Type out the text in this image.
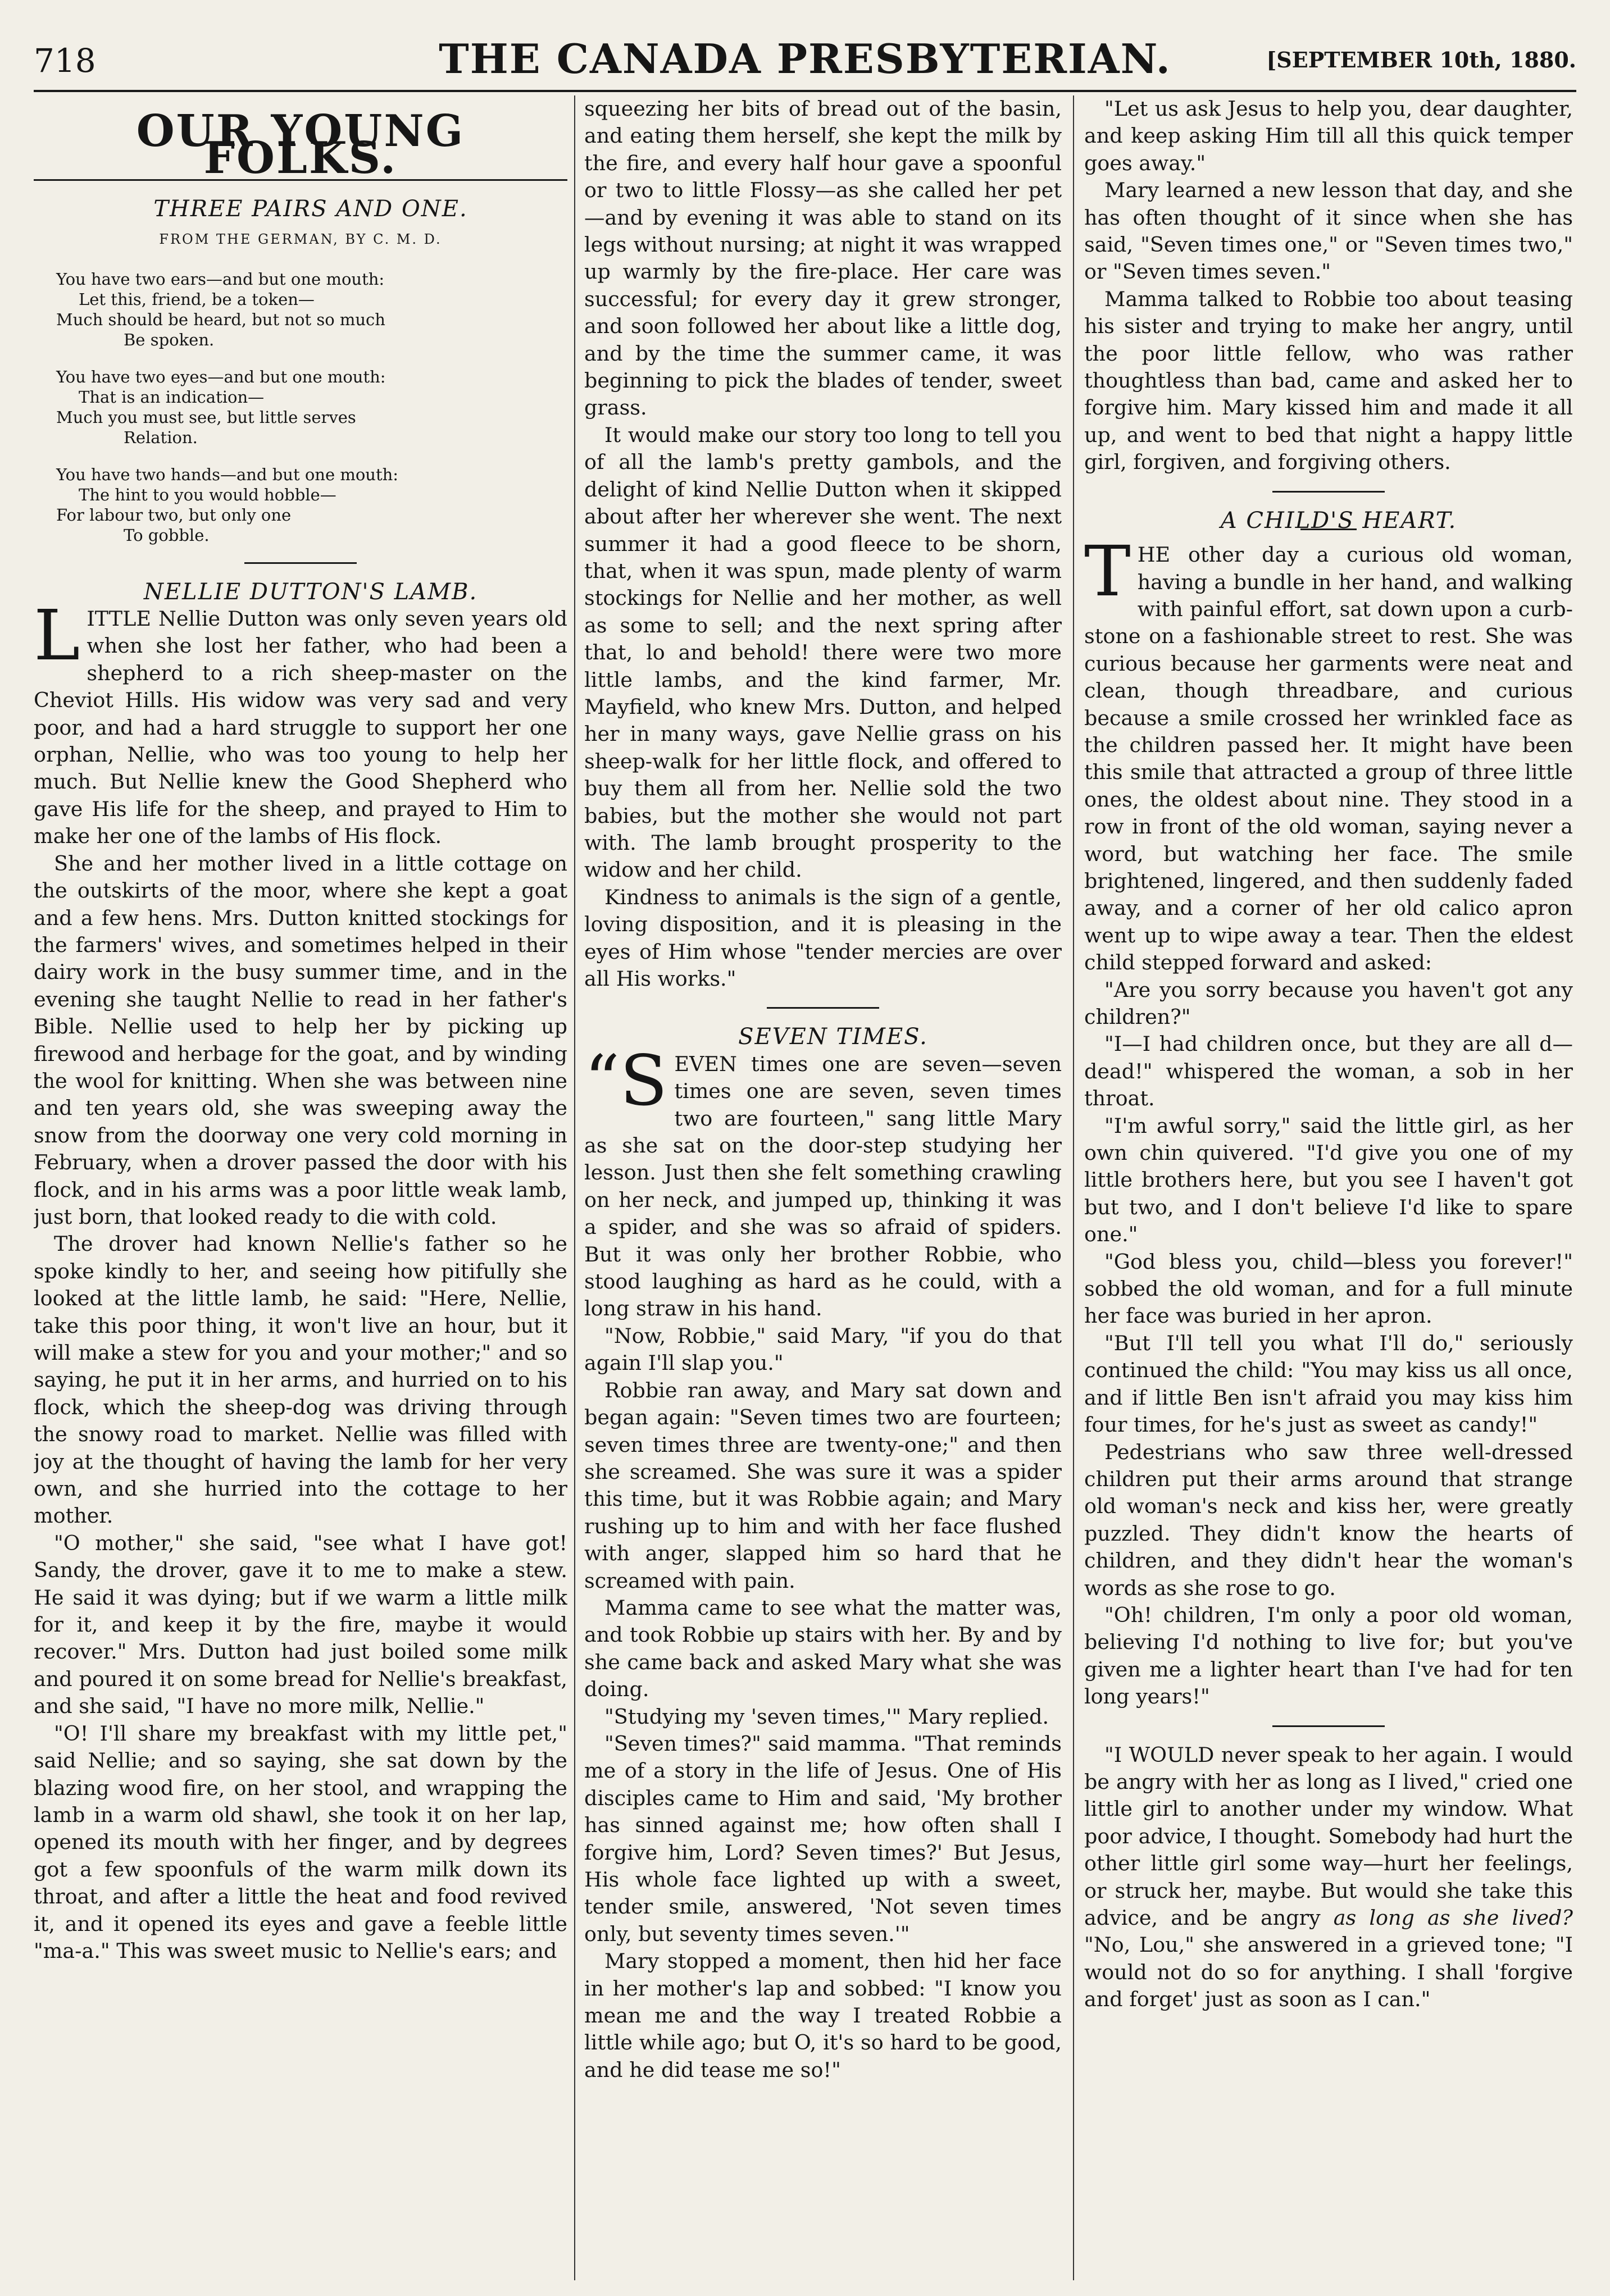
718	THE CANADA PRESBYTERIAN.	[SEPTEMBER 10th, 1880.
OUR YOUNG FOLKS.

THREE PAIRS AND ONE.

FROM THE GERMAN, BY C. M. D.
You have two ears—and but one mouth:
Let this, friend, be a token—
Much should be heard, but not so much
Be spoken.
You have two eyes—and but one mouth:
That is an indication—
Much you must see, but little serves
Relation.
You have two hands—and but one mouth:
The hint to you would hobble—
For labour two, but only one
To gobble.

NELLIE DUTTON'S LAMB.

LITTLE Nellie Dutton was only seven years old when she lost her father, who had been a shepherd to a rich sheep-master on the Cheviot Hills. His widow was very sad and very poor, and had a hard struggle to support her one orphan, Nellie, who was too young to help her much. But Nellie knew the Good Shepherd who gave His life for the sheep, and prayed to Him to make her one of the lambs of His flock.

She and her mother lived in a little cottage on the outskirts of the moor, where she kept a goat and a few hens. Mrs. Dutton knitted stockings for the farmers' wives, and sometimes helped in their dairy work in the busy summer time, and in the evening she taught Nellie to read in her father's Bible. Nellie used to help her by picking up firewood and herbage for the goat, and by winding the wool for knitting. When she was between nine and ten years old, she was sweeping away the snow from the doorway one very cold morning in February, when a drover passed the door with his flock, and in his arms was a poor little weak lamb, just born, that looked ready to die with cold.

The drover had known Nellie's father so he spoke kindly to her, and seeing how pitifully she looked at the little lamb, he said: "Here, Nellie, take this poor thing, it won't live an hour, but it will make a stew for you and your mother;" and so saying, he put it in her arms, and hurried on to his flock, which the sheep-dog was driving through the snowy road to market. Nellie was filled with joy at the thought of having the lamb for her very own, and she hurried into the cottage to her mother.

"O mother," she said, "see what I have got! Sandy, the drover, gave it to me to make a stew. He said it was dying; but if we warm a little milk for it, and keep it by the fire, maybe it would recover." Mrs. Dutton had just boiled some milk and poured it on some bread for Nellie's breakfast, and she said, "I have no more milk, Nellie."

"O! I'll share my breakfast with my little pet," said Nellie; and so saying, she sat down by the blazing wood fire, on her stool, and wrapping the lamb in a warm old shawl, she took it on her lap, opened its mouth with her finger, and by degrees got a few spoonfuls of the warm milk down its throat, and after a little the heat and food revived it, and it opened its eyes and gave a feeble little "ma-a." This was sweet music to Nellie's ears; and

squeezing her bits of bread out of the basin, and eating them herself, she kept the milk by the fire, and every half hour gave a spoonful or two to little Flossy—as she called her pet —and by evening it was able to stand on its legs without nursing; at night it was wrapped up warmly by the fire-place. Her care was successful; for every day it grew stronger, and soon followed her about like a little dog, and by the time the summer came, it was beginning to pick the blades of tender, sweet grass.

It would make our story too long to tell you of all the lamb's pretty gambols, and the delight of kind Nellie Dutton when it skipped about after her wherever she went. The next summer it had a good fleece to be shorn, that, when it was spun, made plenty of warm stockings for Nellie and her mother, as well as some to sell; and the next spring after that, lo and behold! there were two more little lambs, and the kind farmer, Mr. Mayfield, who knew Mrs. Dutton, and helped her in many ways, gave Nellie grass on his sheep-walk for her little flock, and offered to buy them all from her. Nellie sold the two babies, but the mother she would not part with. The lamb brought prosperity to the widow and her child.

Kindness to animals is the sign of a gentle, loving disposition, and it is pleasing in the eyes of Him whose "tender mercies are over all His works."

SEVEN TIMES.

“S EVEN times one are seven—seven times one are seven, seven times two are fourteen," sang little Mary as she sat on the door-step studying her lesson. Just then she felt something crawling on her neck, and jumped up, thinking it was a spider, and she was so afraid of spiders. But it was only her brother Robbie, who stood laughing as hard as he could, with a long straw in his hand.

"Now, Robbie," said Mary, "if you do that again I'll slap you."

Robbie ran away, and Mary sat down and began again: "Seven times two are fourteen; seven times three are twenty-one;" and then she screamed. She was sure it was a spider this time, but it was Robbie again; and Mary rushing up to him and with her face flushed with anger, slapped him so hard that he screamed with pain.

Mamma came to see what the matter was, and took Robbie up stairs with her. By and by she came back and asked Mary what she was doing.

"Studying my 'seven times,'" Mary replied.

"Seven times?" said mamma. "That reminds me of a story in the life of Jesus. One of His disciples came to Him and said, 'My brother has sinned against me; how often shall I forgive him, Lord? Seven times?' But Jesus, His whole face lighted up with a sweet, tender smile, answered, 'Not seven times only, but seventy times seven.'"

Mary stopped a moment, then hid her face in her mother's lap and sobbed: "I know you mean me and the way I treated Robbie a little while ago; but O, it's so hard to be good, and he did tease me so!"

"Let us ask Jesus to help you, dear daughter, and keep asking Him till all this quick temper goes away."

Mary learned a new lesson that day, and she has often thought of it since when she has said, "Seven times one," or "Seven times two," or "Seven times seven."

Mamma talked to Robbie too about teasing his sister and trying to make her angry, until the poor little fellow, who was rather thoughtless than bad, came and asked her to forgive him. Mary kissed him and made it all up, and went to bed that night a happy little girl, forgiven, and forgiving others.

A CHILD'S HEART.

THE other day a curious old woman, having a bundle in her hand, and walking with painful effort, sat down upon a curb-stone on a fashionable street to rest. She was curious because her garments were neat and clean, though threadbare, and curious because a smile crossed her wrinkled face as the children passed her. It might have been this smile that attracted a group of three little ones, the oldest about nine. They stood in a row in front of the old woman, saying never a word, but watching her face. The smile brightened, lingered, and then suddenly faded away, and a corner of her old calico apron went up to wipe away a tear. Then the eldest child stepped forward and asked:

"Are you sorry because you haven't got any children?"

"I—I had children once, but they are all d—dead!" whispered the woman, a sob in her throat.

"I'm awful sorry," said the little girl, as her own chin quivered. "I'd give you one of my little brothers here, but you see I haven't got but two, and I don't believe I'd like to spare one."

"God bless you, child—bless you forever!" sobbed the old woman, and for a full minute her face was buried in her apron.

"But I'll tell you what I'll do," seriously continued the child: "You may kiss us all once, and if little Ben isn't afraid you may kiss him four times, for he's just as sweet as candy!"

Pedestrians who saw three well-dressed children put their arms around that strange old woman's neck and kiss her, were greatly puzzled. They didn't know the hearts of children, and they didn't hear the woman's words as she rose to go.

"Oh! children, I'm only a poor old woman, believing I'd nothing to live for; but you've given me a lighter heart than I've had for ten long years!"

"I WOULD never speak to her again. I would be angry with her as long as I lived," cried one little girl to another under my window. What poor advice, I thought. Somebody had hurt the other little girl some way—hurt her feelings, or struck her, maybe. But would she take this advice, and be angry as long as she lived? "No, Lou," she answered in a grieved tone; "I would not do so for anything. I shall 'forgive and forget' just as soon as I can."
